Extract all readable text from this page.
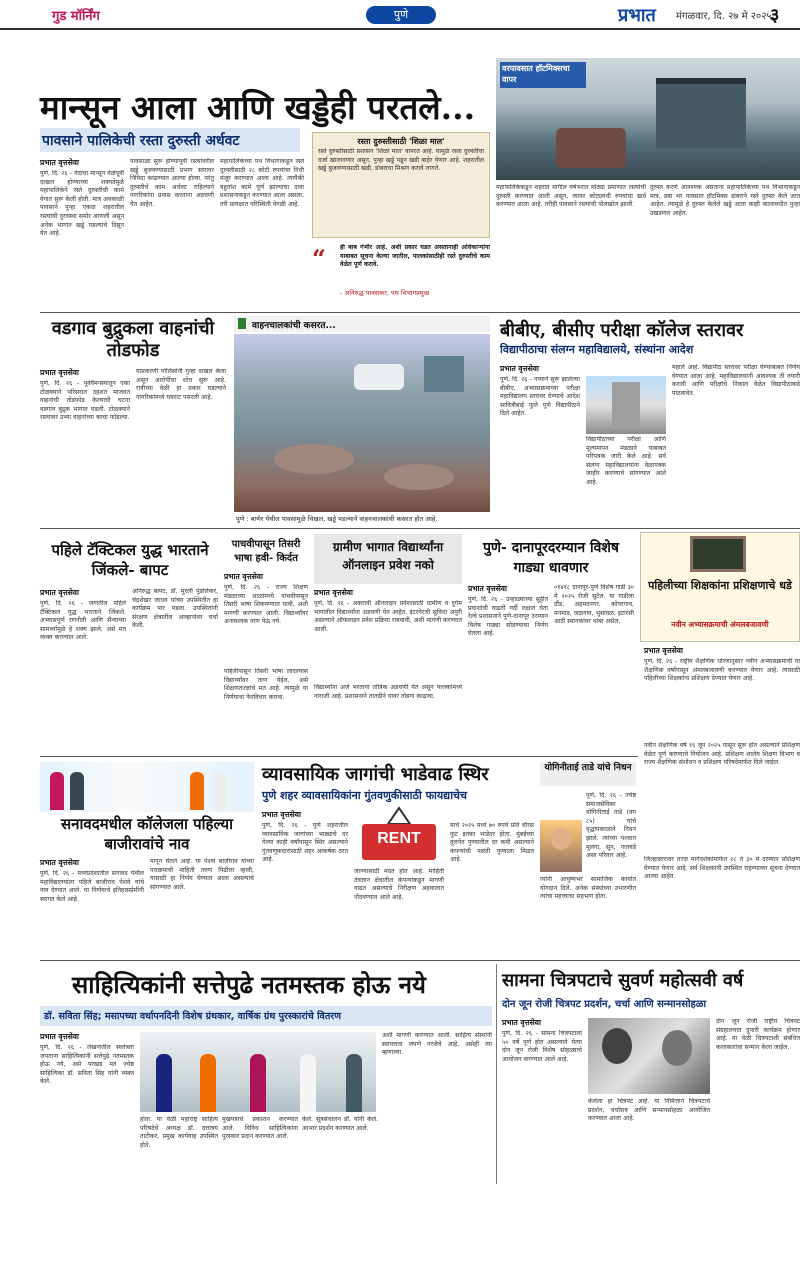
गुड मॉर्निंग	पुणे	प्रभात मंगळवार, दि. २७ मे २०२५
३
मान्सून आला आणि खड्डेही परतले...
पावसाने पालिकेची रस्ता दुरुस्ती अर्धवट
प्रभात वृत्तसेवा
पुणे, दि. २६ - यंदाचा मान्सून वेळेपूर्वी दाखल होण्याच्या शक्यतेमुळे महापालिकेने रस्ते दुरुस्तीची कामे वेगात सुरू केली होती. मात्र अवकाळी पावसाने पुन्हा एकदा शहरातील रस्त्यांची दुरवस्था समोर आणली असून अनेक भागांत खड्डे पडल्याचे दिसून येत आहे.
पावसाळा सुरू होण्यापूर्वी रस्त्यांवरील खड्डे बुजवण्यासाठी प्रभाग स्तरावर निविदा काढण्यात आल्या होत्या. परंतु दुरुस्तीचे काम अर्धवट राहिल्याने नागरिकांना प्रवास करताना अडचणी येत आहेत.
महापालिकेच्या पथ विभागाकडून रस्ते दुरुस्तीसाठी २८ कोटी रुपयांचा निधी मंजूर करण्यात आला आहे. त्यापैकी बहुतांश कामे पूर्ण झाल्याचा दावा प्रशासनाकडून करण्यात आला असला, तरी प्रत्यक्षात परिस्थिती वेगळी आहे.
रस्ता दुरुस्तीसाठी 'शिळा माल'
रस्ते दुरुस्तीसाठी प्रशासन 'शिळा माल' वापरत आहे. यामुळे रस्ता दुरुस्तीचा दर्जा खालावणार असून, पुन्हा खड्डे पडून खडी बाहेर येणार आहे. शहरातील खड्डे बुजवण्यासाठी खडी, डांबराचा मिश्रण करावे लागते.
“ ही बाब गंभीर आहे. अशी प्रकार घडत असतानाही अधिकाऱ्यांना याबाबत सूचना केल्या जातील, पालकांसाठीही रस्ते दुरुस्तीचे काम वेळेत पूर्ण करावे.
- अनिरुद्ध पावसकर, पथ विभागप्रमुख
वरपावसात हॉटमिक्सचा वापर
महापालिकेकडून शहरात मागील वर्षभरात मोठ्या प्रमाणात रस्त्यांची दुरुस्ती करण्यात आली असून, त्यावर कोट्यवधी रुपयांचा खर्च करण्यात आला आहे. तरीही पावसाने रस्त्यांची पोलखोल झाली.
दुरुस्त करणे आवश्यक असताना महापालिकेच्या पथ विभागाकडून मात्र, डबा भर पावसात हॉटमिक्स डांबराने रस्ते दुरुस्त केले जात आहेत. त्यामुळे हे दुरुस्त केलेले खड्डे आता काही कालावधीत पुन्हा उखडणार आहेत.
वडगाव बुद्रुकला वाहनांची तोडफोड
प्रभात वृत्तसेवा
पुणे, दि. २६ - पूर्ववैमनस्यातून एका टोळक्याने परिसरात दहशत माजवत वाहनांची तोडफोड केल्याची घटना वडगाव बुद्रुक भागात घडली. टोळक्याने रस्त्यावर उभ्या वाहनांच्या काचा फोडल्या.
याप्रकरणी पोलिसांनी गुन्हा दाखल केला असून आरोपींचा शोध सुरू आहे. रात्रीच्या वेळी हा प्रकार घडल्याने नागरिकांमध्ये घबराट पसरली आहे.
वाहनचालकांची कसरत...
पुणे : बाणेर येथील पावसामुळे चिखल, खड्डे पडल्याने वाहनचालकांची कसरत होत आहे.
बीबीए, बीसीए परीक्षा कॉलेज स्तरावर
विद्यापीठाचा संलग्न महाविद्यालये, संस्थांना आदेश
प्रभात वृत्तसेवा
पुणे, दि. २६ - नव्याने सुरू झालेल्या बीबीए, अभ्यासक्रमाच्या परीक्षा महाविद्यालय स्तरावर घेण्याचे आदेश सावित्रीबाई फुले पुणे विद्यापीठाने दिले आहेत.
विद्यापीठाच्या परीक्षा आणि मूल्यमापन मंडळाने याबाबत परिपत्रक जारी केले आहे. सर्व संलग्न महाविद्यालयांना वेळापत्रक जाहीर करण्याचे सांगण्यात आले आहे.
महाले आहे. विद्यापीठ स्तरावर परीक्षा घेण्याबाबत निर्णय घेण्यात आला आहे. महाविद्यालयांनी आवश्यक ती तयारी करावी आणि परीक्षांचे निकाल वेळेत विद्यापीठाकडे पाठवावेत.
पहिले टॅक्टिकल युद्ध भारताने जिंकले- बापट
प्रभात वृत्तसेवा
पुणे, दि. २६ - जगातील पहिले टॅक्टिकल युद्ध भारताने जिंकले. अभ्यासपूर्ण रणनीती आणि सैन्याच्या सामर्थ्यामुळे हे शक्य झाले, असे मत व्यक्त करण्यात आले.
अनिरुद्ध बापट, डॉ. मुरली पुंडलिकर, चंद्रशेखर जाधव यांच्या उपस्थितीत हा कार्यक्रम पार पडला. उपस्थितांनी संरक्षण क्षेत्रातील आव्हानांवर चर्चा केली.
पाचवीपासून तिसरी भाषा हवी- किर्दत
प्रभात वृत्तसेवा
पुणे, दि. २६ - राज्य शिक्षण मंडळाच्या शाळांमध्ये पाचवीपासून तिसरी भाषा शिकवण्यात यावी, अशी मागणी करण्यात आली. विद्यार्थ्यांवर अनावश्यक ताण येऊ नये.
पहिलीपासून तिसरी भाषा लादल्यास विद्यार्थ्यांवर ताण येईल, असे शिक्षणतज्ज्ञांचे मत आहे. त्यामुळे या निर्णयाचा फेरविचार करावा.
ग्रामीण भागात विद्यार्थ्यांना ऑनलाइन प्रवेश नको
प्रभात वृत्तसेवा
पुणे, दि. २६ - अकरावी ऑनलाइन प्रवेशासाठी ग्रामीण व दुर्गम भागांतील विद्यार्थ्यांना अडचणी येत आहेत. इंटरनेटची सुविधा अपुरी असल्याने ऑफलाइन प्रवेश प्रक्रिया राबवावी, अशी मागणी करण्यात आली.
विद्यार्थ्यांना अर्ज भरताना तांत्रिक अडचणी येत असून पालकांमध्ये नाराजी आहे. प्रशासनाने तातडीने यावर तोडगा काढावा.
पुणे- दानापूरदरम्यान विशेष गाड्या धावणार
प्रभात वृत्तसेवा
पुणे, दि. २६ - उन्हाळ्याच्या सुट्टीत प्रवाशांची वाढती गर्दी लक्षात घेता रेल्वे प्रशासनाने पुणे-दानापूर दरम्यान विशेष गाड्या सोडण्याचा निर्णय घेतला आहे.
०१४१८ दानापूर-पुणे विशेष गाडी ३० मे २०२५ रोजी सुटेल. या गाडीला दौंड, अहमदनगर, कोपरगाव, मनमाड, जळगाव, भुसावळ, इटारसी आदी स्थानकांवर थांबा असेल.
पहिलीच्या शिक्षकांना प्रशिक्षणाचे धडे
नवीन अभ्यासक्रमाची अंमलबजावणी
प्रभात वृत्तसेवा
पुणे, दि. २६ - राष्ट्रीय शैक्षणिक धोरणानुसार नवीन अभ्यासक्रमाची या शैक्षणिक वर्षापासून अंमलबजावणी करण्यात येणार आहे. त्यासाठी पहिलीच्या शिक्षकांना प्रशिक्षण देण्यात येणार आहे.
नवीन शैक्षणिक वर्ष १६ जून २०२५ पासून सुरू होत असल्याने प्रशिक्षण वेळेत पूर्ण करण्याचे नियोजन आहे. प्रशिक्षण शालेय शिक्षण विभाग व राज्य शैक्षणिक संशोधन व प्रशिक्षण परिषदेमार्फत दिले जाईल.
जिल्हास्तरावर तज्ज्ञ मार्गदर्शकांमार्फत २८ ते ३० मे दरम्यान प्रशिक्षण घेण्यात येणार आहे. सर्व शिक्षकांनी उपस्थित राहण्याच्या सूचना देण्यात आल्या आहेत.
सनावदमधील कॉलेजला पहिल्या बाजीरावांचे नाव
प्रभात वृत्तसेवा
पुणे, दि. २६ - मध्यप्रदेशातील सनावद येथील महाविद्यालयाला पहिले बाजीराव पेशवे यांचे नाव देण्यात आले. या निर्णयाचे इतिहासप्रेमींनी स्वागत केले आहे.
मानून घेतले आहे. या पेशवे बाजीराव यांच्या पराक्रमाची माहिती तरुण पिढीला व्हावी, यासाठी हा निर्णय घेण्यात आला असल्याचे सांगण्यात आले.
व्यावसायिक जागांची भाडेवाढ स्थिर
पुणे शहर व्यावसायिकांना गुंतवणुकीसाठी फायद्याचेच
प्रभात वृत्तसेवा
पुणे, दि. २६ - पुणे शहरातील व्यावसायिक जागांच्या भाड्याचे दर गेल्या काही वर्षांपासून स्थिर असल्याने गुंतवणूकदारांसाठी शहर आकर्षक ठरत आहे.
RENT
जाण्यासाठी मदत होत आहे. माहिती तंत्रज्ञान क्षेत्रातील कंपन्यांकडून मागणी वाढत असल्याचे निरीक्षण अहवालात नोंदवण्यात आले आहे.
मार्च २०२५ मध्ये ७० रुपये प्रति चौरस फूट इतका भाडेदर होता. मुंबईच्या तुलनेत पुण्यातील दर कमी असल्याने कंपन्यांची पसंती पुण्याला मिळत आहे.
योगिनीताई ताडे यांचे निधन
पुणे, दि. २६ - ज्येष्ठ समाजसेविका योगिनीताई ताडे (वय ८५) यांचे वृद्धापकाळाने निधन झाले. त्यांच्या पश्चात मुलगा, सून, नातवंडे असा परिवार आहे.
त्यांनी आयुष्यभर सामाजिक कार्यात योगदान दिले. अनेक संस्थांच्या उभारणीत त्यांचा महत्त्वाचा सहभाग होता.
साहित्यिकांनी सत्तेपुढे नतमस्तक होऊ नये
डॉ. सविता सिंह; मसापच्या वर्धापनदिनी विशेष ग्रंथकार, वार्षिक ग्रंथ पुरस्कारांचे वितरण
प्रभात वृत्तसेवा
पुणे, दि. २६ - लेखनातील स्वतंत्रता जपताना साहित्यिकांनी सत्तेपुढे नतमस्तक होऊ नये, असे परखड मत ज्येष्ठ साहित्यिका डॉ. सविता सिंह यांनी व्यक्त केले.
अशी मागणी करण्यात आली. साहित्य संस्थांनी स्वायत्तता जपणे गरजेचे आहे, असेही त्या म्हणाल्या.
होता. या वेळी महाराष्ट्र साहित्य परिषदेचे अध्यक्ष डॉ. दत्तात्रय ताटीकर, प्रमुख कार्यवाह उपस्थित होते.
मुखपत्राचे प्रकाशन करण्यात आले. विविध साहित्यिकांना पुरस्कार प्रदान करण्यात आले.
केले. सूत्रसंचालन डॉ. यांनी केले. आभार प्रदर्शन करण्यात आले.
सामना चित्रपटाचे सुवर्ण महोत्सवी वर्ष
दोन जून रोजी चित्रपट प्रदर्शन, चर्चा आणि सन्मानसोहळा
प्रभात वृत्तसेवा
पुणे, दि. २६ - सामना चित्रपटाला ५० वर्षे पूर्ण होत असल्याने येत्या दोन जून रोजी विशेष सोहळ्याचे आयोजन करण्यात आले आहे.
केलेला हा चित्रपट आहे. या निमित्ताने चित्रपटाचे प्रदर्शन, चर्चासत्र आणि सन्मानसोहळा आयोजित करण्यात आला आहे.
दोन जून रोजी राष्ट्रीय चित्रपट संग्रहालयात दुपारी कार्यक्रम होणार आहे. या वेळी चित्रपटाशी संबंधित कलाकारांचा सन्मान केला जाईल.
